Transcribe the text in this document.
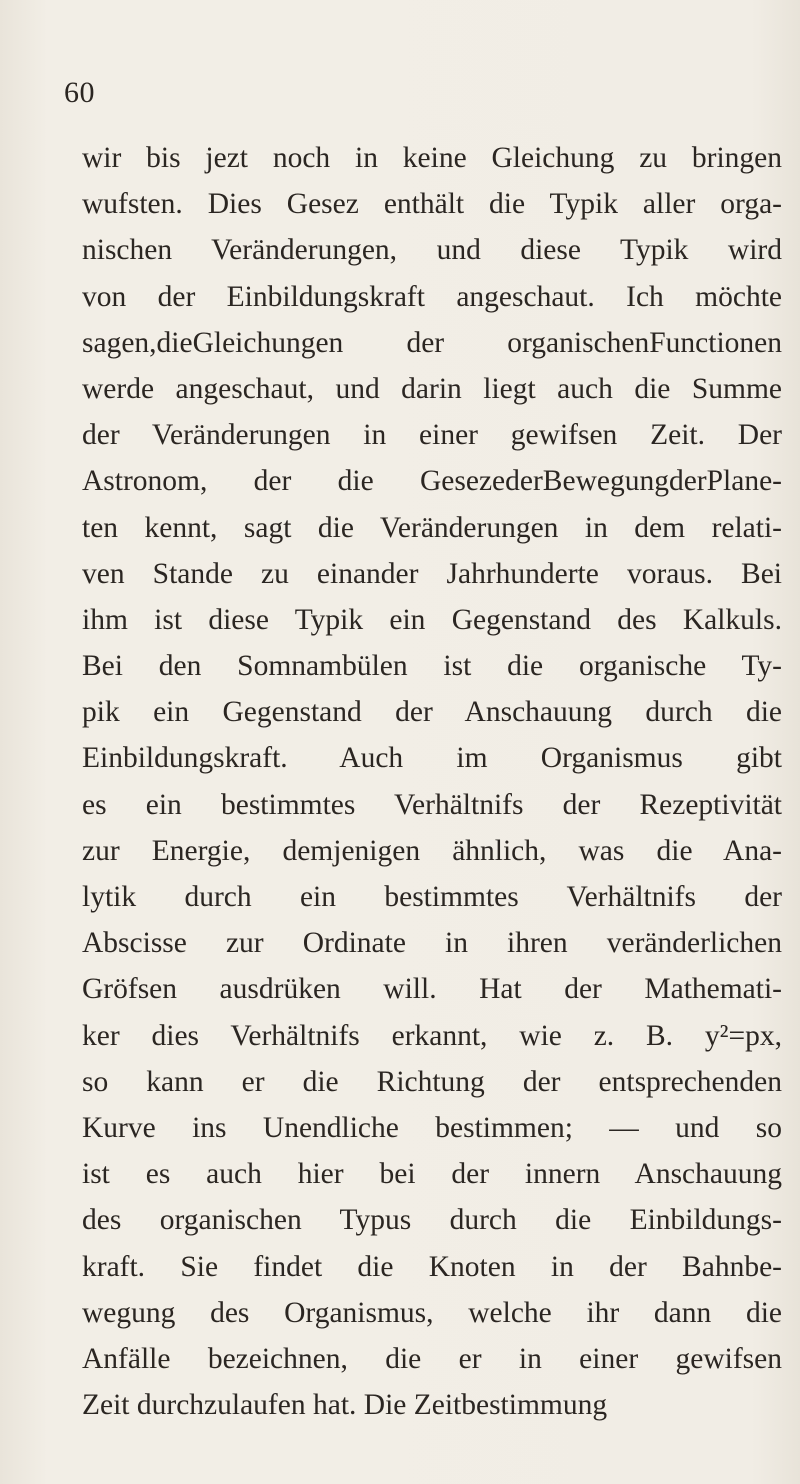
60
wir bis jezt noch in keine Gleichung zu bringen
wufsten. Dies Gesez enthält die Typik aller orga-
nischen Veränderungen, und diese Typik wird
von der Einbildungskraft angeschaut. Ich möchte
sagen,dieGleichungen der organischenFunctionen
werde angeschaut, und darin liegt auch die Summe
der Veränderungen in einer gewifsen Zeit. Der
Astronom, der die GesezederBewegungderPlane-
ten kennt, sagt die Veränderungen in dem relati-
ven Stande zu einander Jahrhunderte voraus. Bei
ihm ist diese Typik ein Gegenstand des Kalkuls.
Bei den Somnambülen ist die organische Ty-
pik ein Gegenstand der Anschauung durch die
Einbildungskraft. Auch im Organismus gibt
es ein bestimmtes Verhältnifs der Rezeptivität
zur Energie, demjenigen ähnlich, was die Ana-
lytik durch ein bestimmtes Verhältnifs der
Abscisse zur Ordinate in ihren veränderlichen
Gröfsen ausdrüken will. Hat der Mathemati-
ker dies Verhältnifs erkannt, wie z. B. y²=px,
so kann er die Richtung der entsprechenden
Kurve ins Unendliche bestimmen; — und so
ist es auch hier bei der innern Anschauung
des organischen Typus durch die Einbildungs-
kraft. Sie findet die Knoten in der Bahnbe-
wegung des Organismus, welche ihr dann die
Anfälle bezeichnen, die er in einer gewifsen
Zeit durchzulaufen hat. Die Zeitbestimmung
